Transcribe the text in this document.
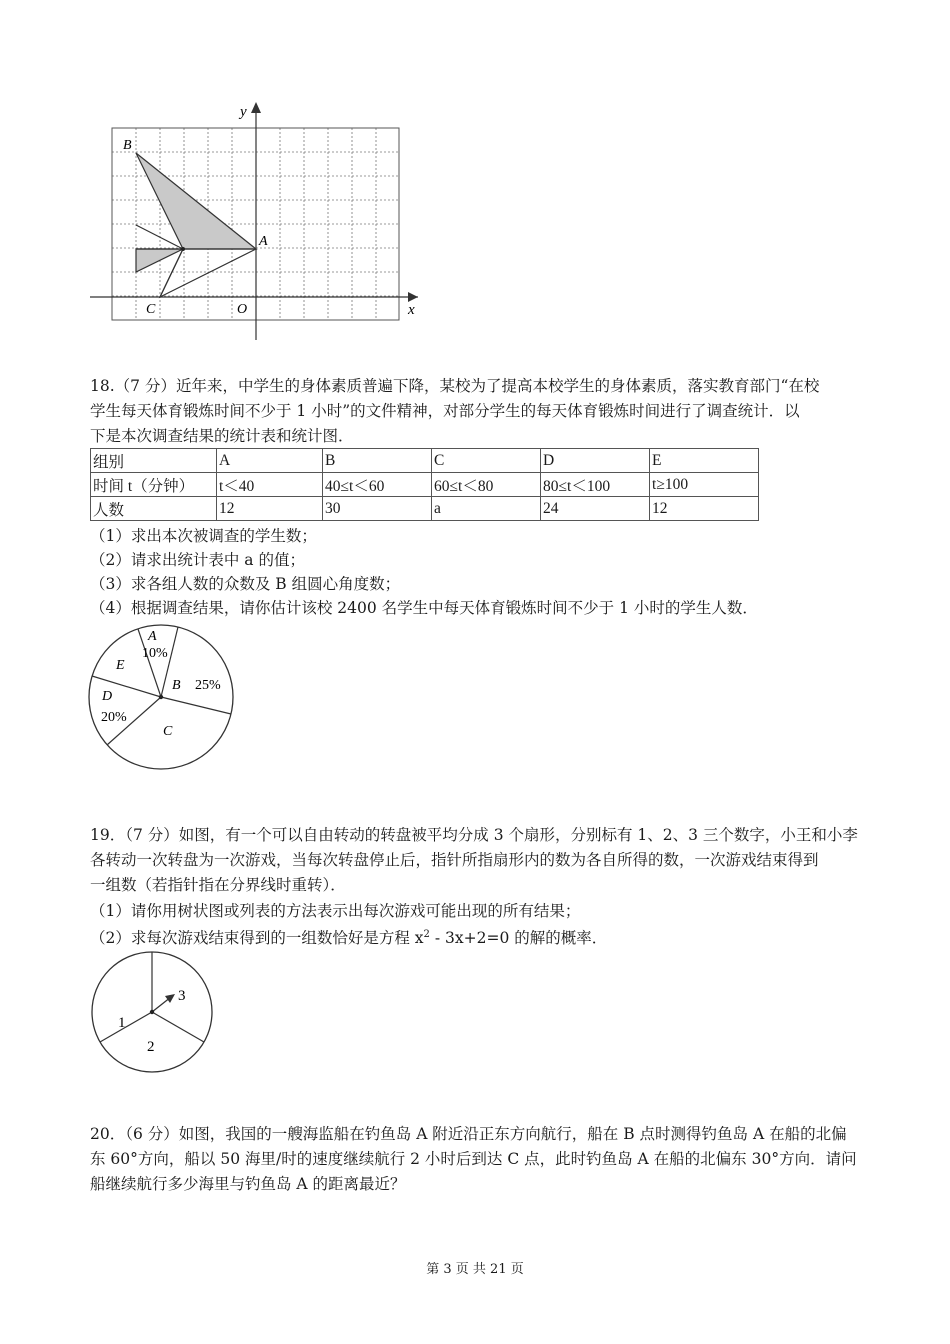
y
x
B
A
C	O

18.（7 分）近年来，中学生的身体素质普遍下降，某校为了提高本校学生的身体素质，落实教育部门“在校
学生每天体育锻炼时间不少于 1 小时”的文件精神，对部分学生的每天体育锻炼时间进行了调查统计．以
下是本次调查结果的统计表和统计图．

组别	A	B	C	D	E
时间 t（分钟）	t＜40	40≤t＜60	60≤t＜80	80≤t＜100	t≥100
人数	12	30	a	24	12

（1）求出本次被调查的学生数；
（2）请求出统计表中 a 的值；
（3）求各组人数的众数及 B 组圆心角度数；
（4）根据调查结果，请你估计该校 2400 名学生中每天体育锻炼时间不少于 1 小时的学生人数．

A
10%
E
B 25%
D
20%
C

19．（7 分）如图，有一个可以自由转动的转盘被平均分成 3 个扇形，分别标有 1、2、3 三个数字，小王和小李
各转动一次转盘为一次游戏，当每次转盘停止后，指针所指扇形内的数为各自所得的数，一次游戏结束得到
一组数（若指针指在分界线时重转）．

（1）请你用树状图或列表的方法表示出每次游戏可能出现的所有结果；
（2）求每次游戏结束得到的一组数恰好是方程 $x^2 - 3x+2=0$ 的解的概率．

1
3
2

20．（6 分）如图，我国的一艘海监船在钓鱼岛 A 附近沿正东方向航行，船在 B 点时测得钓鱼岛 A 在船的北偏
东 60°方向，船以 50 海里/时的速度继续航行 2 小时后到达 C 点，此时钓鱼岛 A 在船的北偏东 30°方向．请问
船继续航行多少海里与钓鱼岛 A 的距离最近？

第 3 页 共 21 页
